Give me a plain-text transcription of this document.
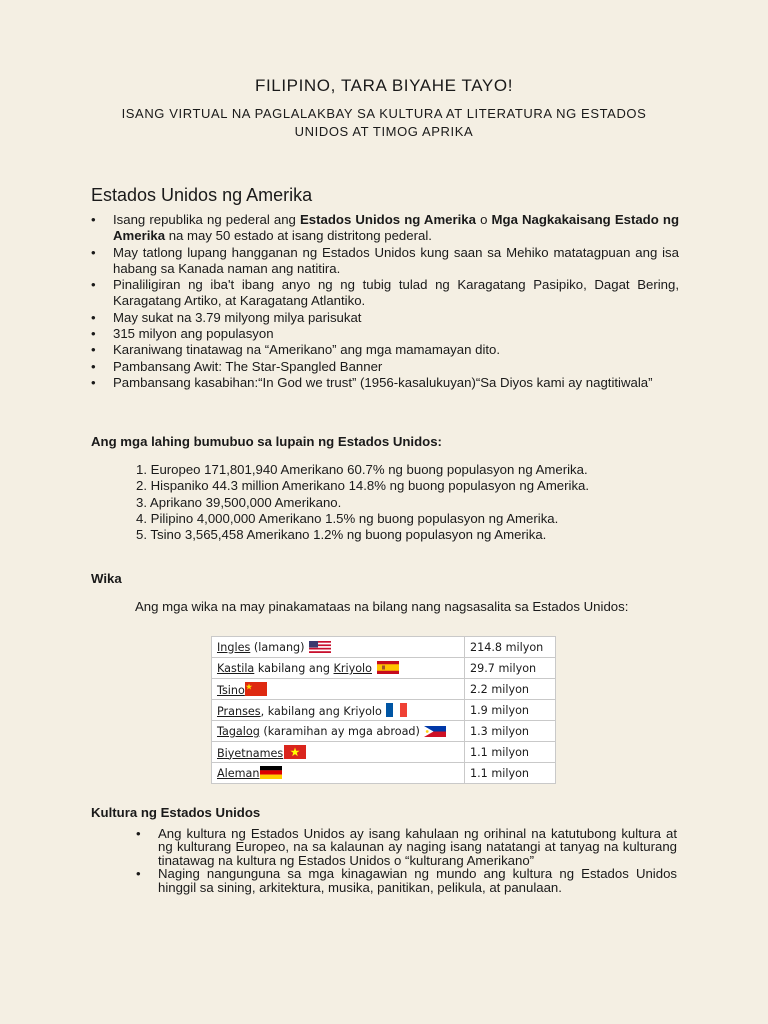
FILIPINO, TARA BIYAHE TAYO!
ISANG VIRTUAL NA PAGLALAKBAY SA KULTURA AT LITERATURA NG ESTADOS UNIDOS AT TIMOG APRIKA
Estados Unidos ng Amerika
• Isang republika ng pederal ang Estados Unidos ng Amerika o Mga Nagkakaisang Estado ng Amerika na may 50 estado at isang distritong pederal.
• May tatlong lupang hangganan ng Estados Unidos kung saan sa Mehiko matatagpuan ang isa habang sa Kanada naman ang natitira.
• Pinaliligiran ng iba't ibang anyo ng ng tubig tulad ng Karagatang Pasipiko, Dagat Bering, Karagatang Artiko, at Karagatang Atlantiko.
• May sukat na 3.79 milyong milya parisukat
• 315 milyon ang populasyon
• Karaniwang tinatawag na “Amerikano” ang mga mamamayan dito.
• Pambansang Awit: The Star-Spangled Banner
• Pambansang kasabihan:“In God we trust” (1956-kasalukuyan)“Sa Diyos kami ay nagtitiwala”
Ang mga lahing bumubuo sa lupain ng Estados Unidos:
1. Europeo 171,801,940 Amerikano 60.7% ng buong populasyon ng Amerika.
2. Hispaniko 44.3 million Amerikano 14.8% ng buong populasyon ng Amerika.
3. Aprikano 39,500,000 Amerikano.
4. Pilipino 4,000,000 Amerikano 1.5% ng buong populasyon ng Amerika.
5. Tsino 3,565,458 Amerikano 1.2% ng buong populasyon ng Amerika.
Wika
Ang mga wika na may pinakamataas na bilang nang nagsasalita sa Estados Unidos:
Ingles (lamang)	214.8 milyon
Kastila kabilang ang Kriyolo	29.7 milyon
Tsino	2.2 milyon
Pranses, kabilang ang Kriyolo	1.9 milyon
Tagalog (karamihan ay mga abroad)	1.3 milyon
Biyetnames	1.1 milyon
Aleman	1.1 milyon
Kultura ng Estados Unidos
• Ang kultura ng Estados Unidos ay isang kahulaan ng orihinal na katutubong kultura at ng kulturang Europeo, na sa kalaunan ay naging isang natatangi at tanyag na kulturang tinatawag na kultura ng Estados Unidos o “kulturang Amerikano”
• Naging nangunguna sa mga kinagawian ng mundo ang kultura ng Estados Unidos hinggil sa sining, arkitektura, musika, panitikan, pelikula, at panulaan.
